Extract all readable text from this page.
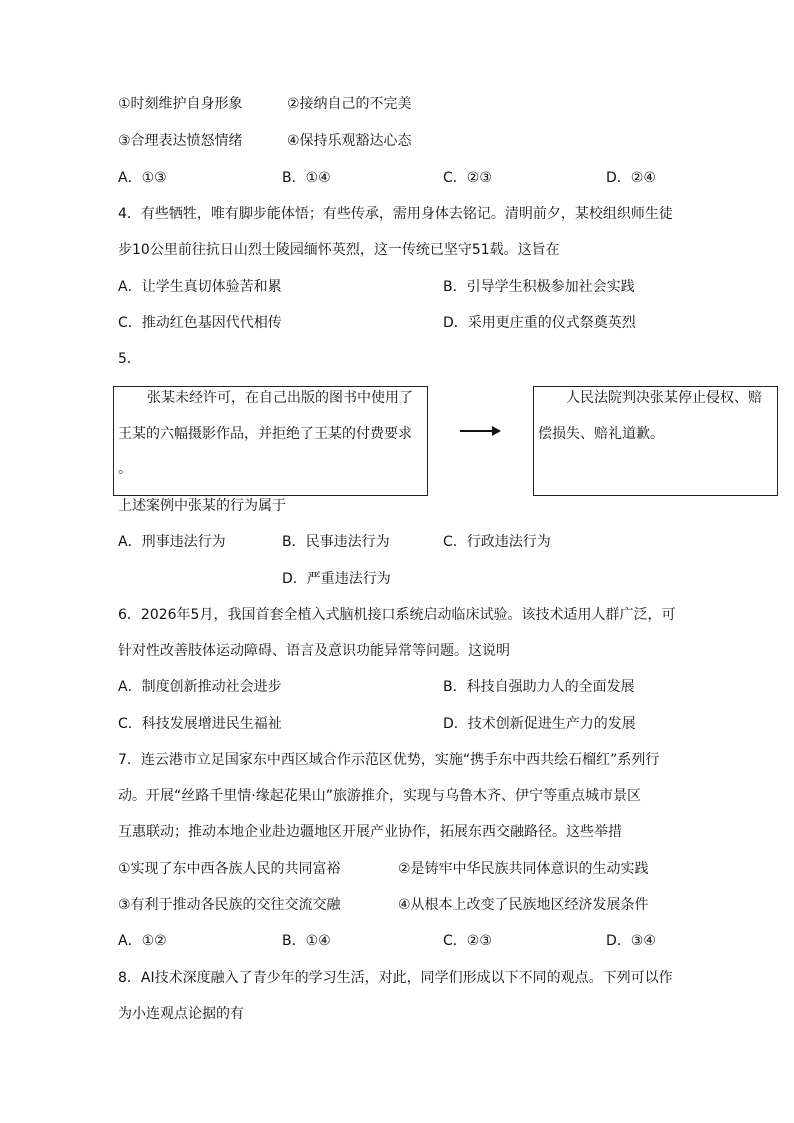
①时刻维护自身形象	②接纳自己的不完美
③合理表达愤怒情绪	④保持乐观豁达心态
A．①③	B．①④	C．②③	D．②④
4．有些牺牲，唯有脚步能体悟；有些传承，需用身体去铭记。清明前夕，某校组织师生徒
步10公里前往抗日山烈士陵园缅怀英烈，这一传统已坚守51载。这旨在
A．让学生真切体验苦和累	B．引导学生积极参加社会实践
C．推动红色基因代代相传	D．采用更庄重的仪式祭奠英烈
5．

张某未经许可，在自己出版的图书中使用了

王某的六幅摄影作品，并拒绝了王某的付费要求

。

人民法院判决张某停止侵权、赔

偿损失、赔礼道歉。

上述案例中张某的行为属于
A．刑事违法行为	B．民事违法行为	C．行政违法行为
D．严重违法行为
6．2026年5月，我国首套全植入式脑机接口系统启动临床试验。该技术适用人群广泛，可
针对性改善肢体运动障碍、语言及意识功能异常等问题。这说明
A．制度创新推动社会进步	B．科技自强助力人的全面发展
C．科技发展增进民生福祉	D．技术创新促进生产力的发展
7．连云港市立足国家东中西区域合作示范区优势，实施“携手东中西共绘石榴红”系列行
动。开展“丝路千里情·缘起花果山”旅游推介，实现与乌鲁木齐、伊宁等重点城市景区
互惠联动；推动本地企业赴边疆地区开展产业协作，拓展东西交融路径。这些举措
①实现了东中西各族人民的共同富裕	②是铸牢中华民族共同体意识的生动实践
③有利于推动各民族的交往交流交融	④从根本上改变了民族地区经济发展条件
A．①②	B．①④	C．②③	D．③④
8．AI技术深度融入了青少年的学习生活，对此，同学们形成以下不同的观点。下列可以作
为小连观点论据的有
